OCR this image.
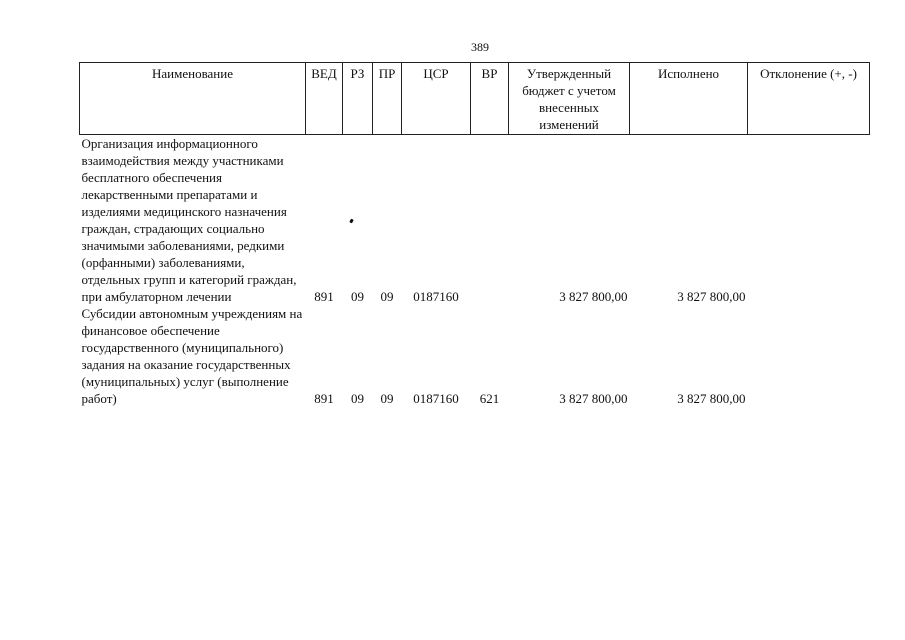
389
Наименование	ВЕД	РЗ	ПР	ЦСР	ВР	Утвержденный бюджет с учетом внесенных изменений	Исполнено	Отклонение (+, -)
Организация информационного взаимодействия между участниками бесплатного обеспечения лекарственными препаратами и изделиями медицинского назначения граждан, страдающих социально значимыми заболеваниями, редкими (орфанными) заболеваниями, отдельных групп и категорий граждан, при амбулаторном лечении	891	09	09	0187160		3 827 800,00	3 827 800,00	
Субсидии автономным учреждениям на финансовое обеспечение государственного (муниципального) задания на оказание государственных (муниципальных) услуг (выполнение работ)	891	09	09	0187160	621	3 827 800,00	3 827 800,00	
